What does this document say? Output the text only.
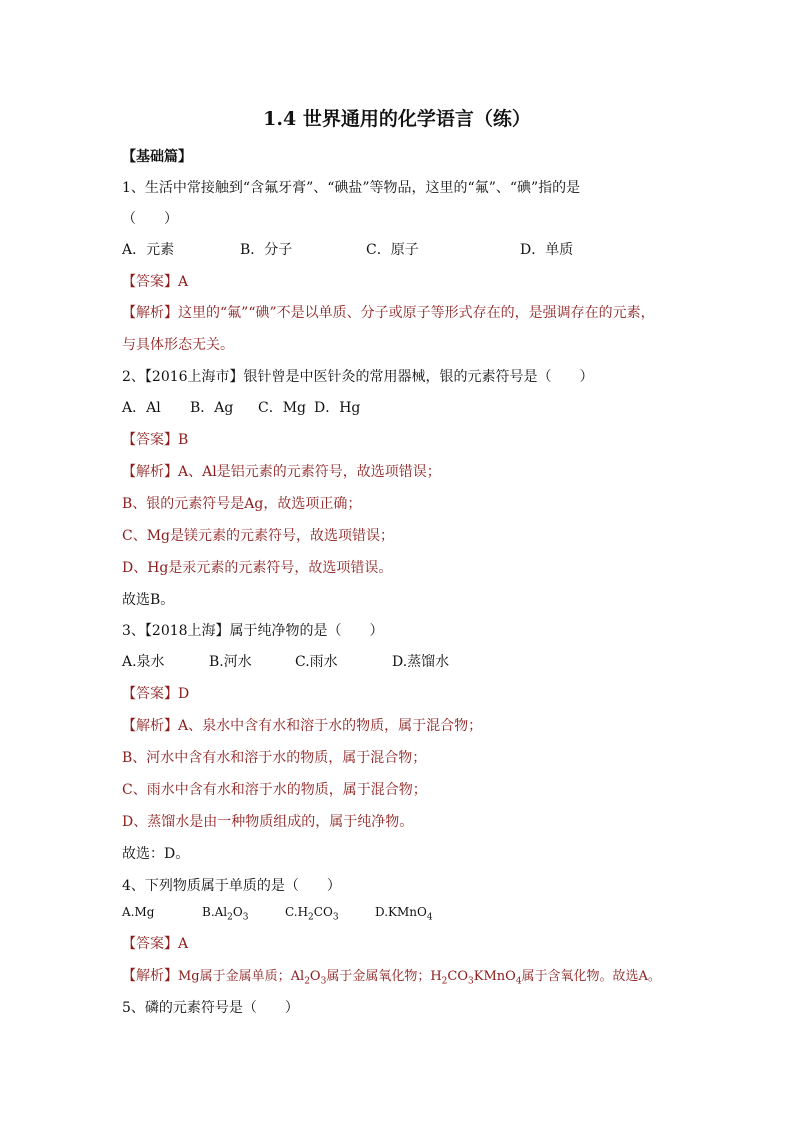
1.4 世界通用的化学语言（练）
【基础篇】
1、生活中常接触到“含氟牙膏”、“碘盐”等物品，这里的“氟”、“碘”指的是
（　　）
A．元素	B．分子	C．原子	D．单质
【答案】A
【解析】这里的“氟”“碘”不是以单质、分子或原子等形式存在的，是强调存在的元素，
与具体形态无关。
2、【2016上海市】银针曾是中医针灸的常用器械，银的元素符号是（　　）
A．Al B．Ag C．Mg D．Hg
【答案】B
【解析】A、Al是铝元素的元素符号，故选项错误；
B、银的元素符号是Ag，故选项正确；
C、Mg是镁元素的元素符号，故选项错误；
D、Hg是汞元素的元素符号，故选项错误。
故选B。
3、【2018上海】属于纯净物的是（　　）
A.泉水	B.河水	C.雨水	D.蒸馏水
【答案】D
【解析】A、泉水中含有水和溶于水的物质，属于混合物；
B、河水中含有水和溶于水的物质，属于混合物；
C、雨水中含有水和溶于水的物质，属于混合物；
D、蒸馏水是由一种物质组成的，属于纯净物。
故选：D。
4、下列物质属于单质的是（　　）
A.Mg	$B.Al_2O_3$	$C.H_2CO_3$	D.KMnO$_4$
【答案】A
【解析】Mg属于金属单质；$Al_2O_3$属于金属氧化物；$H_2CO_3KMnO_4$属于含氧化物。故选A。
5、磷的元素符号是（　　）
